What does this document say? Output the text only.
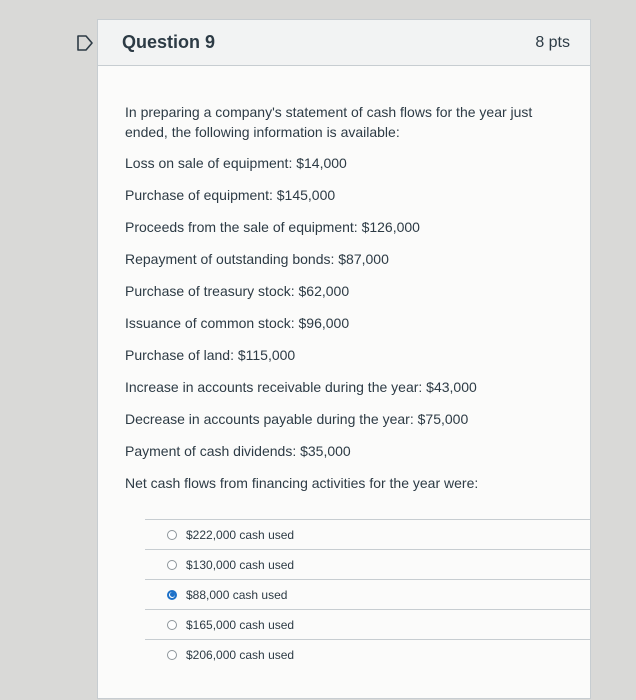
Question 9	8 pts

In preparing a company's statement of cash flows for the year just ended, the following information is available:

Loss on sale of equipment: $14,000

Purchase of equipment: $145,000

Proceeds from the sale of equipment: $126,000

Repayment of outstanding bonds: $87,000

Purchase of treasury stock: $62,000

Issuance of common stock: $96,000

Purchase of land: $115,000

Increase in accounts receivable during the year: $43,000

Decrease in accounts payable during the year: $75,000

Payment of cash dividends: $35,000

Net cash flows from financing activities for the year were:

$222,000 cash used
$130,000 cash used
$88,000 cash used
$165,000 cash used
$206,000 cash used
